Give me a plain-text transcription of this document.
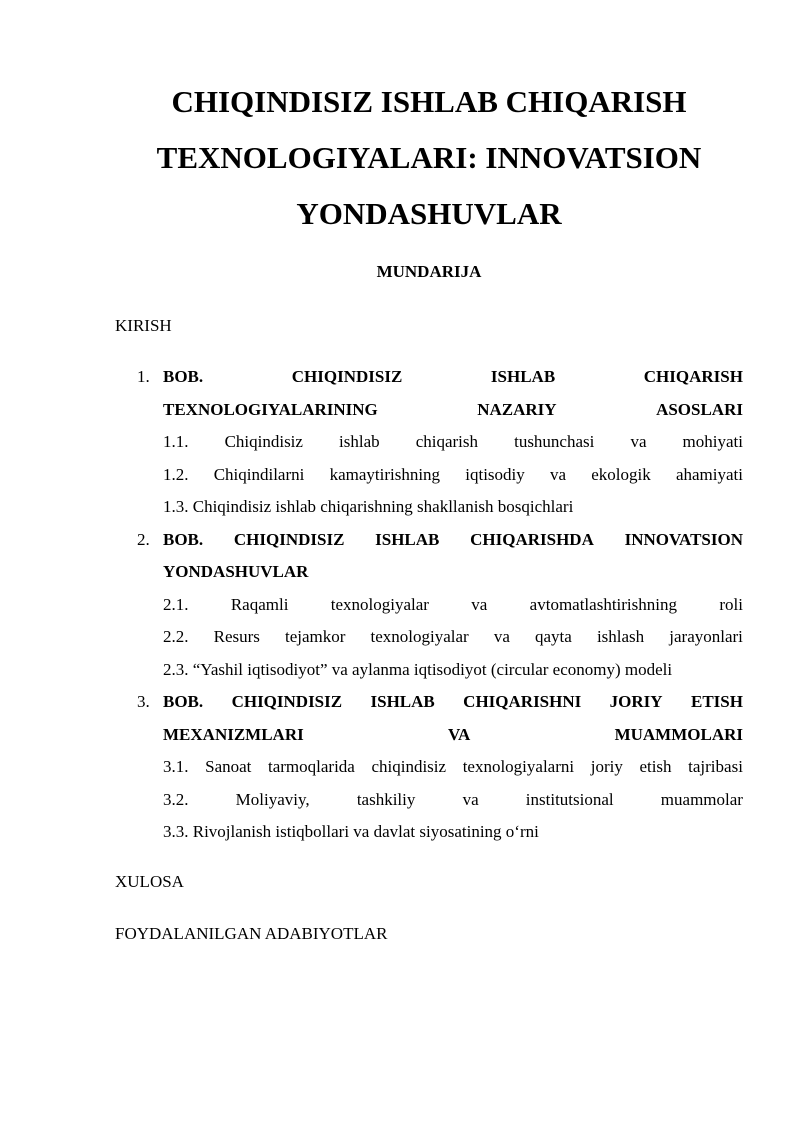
CHIQINDISIZ ISHLAB CHIQARISH
TEXNOLOGIYALARI: INNOVATSION
YONDASHUVLAR
MUNDARIJA
KIRISH
1. BOB.	CHIQINDISIZ	ISHLAB	CHIQARISH
TEXNOLOGIYALARINING	NAZARIY	ASOSLARI
1.1. Chiqindisiz ishlab chiqarish tushunchasi va mohiyati
1.2. Chiqindilarni kamaytirishning iqtisodiy va ekologik ahamiyati
1.3. Chiqindisiz ishlab chiqarishning shakllanish bosqichlari
2. BOB. CHIQINDISIZ ISHLAB CHIQARISHDA INNOVATSION
YONDASHUVLAR
2.1. Raqamli texnologiyalar va avtomatlashtirishning roli
2.2. Resurs tejamkor texnologiyalar va qayta ishlash jarayonlari
2.3. “Yashil iqtisodiyot” va aylanma iqtisodiyot (circular economy) modeli
3. BOB. CHIQINDISIZ ISHLAB CHIQARISHNI JORIY ETISH
MEXANIZMLARI	VA	MUAMMOLARI
3.1. Sanoat tarmoqlarida chiqindisiz texnologiyalarni joriy etish tajribasi
3.2.	Moliyaviy,	tashkiliy	va	institutsional	muammolar
3.3. Rivojlanish istiqbollari va davlat siyosatining o‘rni
XULOSA
FOYDALANILGAN ADABIYOTLAR
